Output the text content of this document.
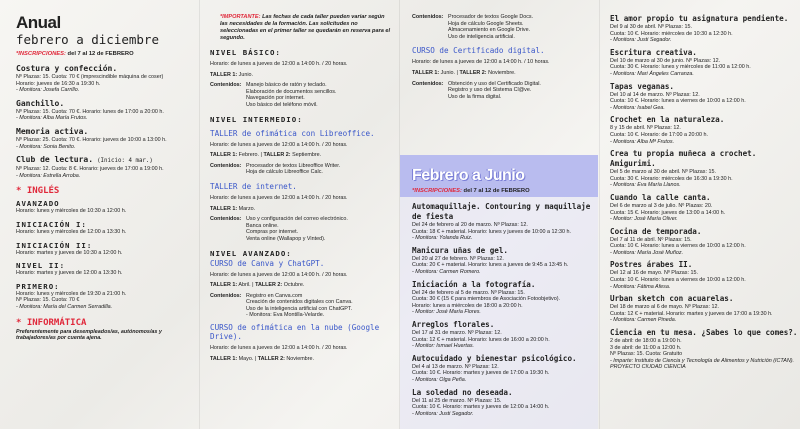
Anual

febrero a diciembre

*INSCRIPCIONES: del 7 al 12 de FEBRERO

Costura y confección.

Nº Plazas: 15. Cuota: 70 € (imprescindible máquina de coser)

Horario: jueves de 16:30 a 19:30 h.

- Monitora: Josefa Carrillo.

Ganchillo.

Nº Plazas: 15. Cuota: 70 €. Horario: lunes de 17:00 a 20:00 h.

- Monitora: Alba María Frutos.

Memoria activa.

Nº Plazas: 25. Cuota: 70 €. Horario: jueves de 10:00 a 13:00 h.

- Monitora: Sonia Benito.

Club de lectura. (Inicio: 4 mar.)

Nº Plazas: 12. Cuota: 8 €. Horario: jueves de 17:00 a 19:00 h.

- Monitora: Estrella Arroba.

* INGLÉS

AVANZADO

Horario: lunes y miércoles de 10:30 a 12:00 h.

INICIACIÓN I:

Horario: lunes y miércoles de 12:00 a 13:30 h.

INICIACIÓN II:

Horario: martes y jueves de 10:30 a 12:00 h.

NIVEL II:

Horario: martes y jueves de 12:00 a 13:30 h.

PRIMERO:

Horario: lunes y miércoles de 19:30 a 21:00 h.

Nº Plazas: 15. Cuota: 70 €

- Monitora: María del Carmen Serradilla.

* INFORMÁTICA

Preferentemente para desempleados/as, autónomos/as y trabajadores/as por cuenta ajena.

*IMPORTANTE: Las fechas de cada taller pueden variar según las necesidades de la formación. Las solicitudes no seleccionadas en el primer taller se quedarán en reserva para el segundo.

NIVEL BÁSICO:

Horario: de lunes a jueves de 12:00 a 14:00 h. / 20 horas.

TALLER 1: Junio.

Contenidos: Manejo básico de ratón y teclado.

Elaboración de documentos sencillos.

Navegación por internet.

Uso básico del teléfono móvil.

NIVEL INTERMEDIO:

TALLER de ofimática con Libreoffice.

Horario: de lunes a jueves de 12:00 a 14:00 h. / 20 horas.

TALLER 1: Febrero. | TALLER 2: Septiembre.

Contenidos: Procesador de textos Libreoffice Writer.

Hoja de cálculo Libreoffice Calc.

TALLER de internet.

Horario: de lunes a jueves de 12:00 a 14:00 h. / 20 horas.

TALLER 1: Marzo.

Contenidos: Uso y configuración del correo electrónico.

Banca online.

Compras por internet.

Venta online (Wallapop y Vinted).

NIVEL AVANZADO:

CURSO de Canva y ChatGPT.

Horario: de lunes a jueves de 12:00 a 14:00 h. / 20 horas.

TALLER 1: Abril. | TALLER 2: Octubre.

Contenidos: Registro en Canva.com

Creación de contenidos digitales con Canva.

Uso de la inteligencia artificial con ChatGPT.

- Monitora: Eva Montilla-Velarde.

CURSO de ofimática en la nube (Google Drive).

Horario: de lunes a jueves de 12:00 a 14:00 h. / 20 horas.

TALLER 1: Mayo. | TALLER 2: Noviembre.

Contenidos: Procesador de textos Google Docs.

Hoja de cálculo Google Sheets.

Almacenamiento en Google Drive.

Uso de inteligencia artificial.

CURSO de Certificado digital.

Horario: de lunes a jueves de 12:00 a 14:00 h. / 10 horas.

TALLER 1: Junio. | TALLER 2: Noviembre.

Contenidos: Obtención y uso del Certificado Digital.

Registro y uso del Sistema Cl@ve.

Uso de la firma digital.

Febrero a Junio

*INSCRIPCIONES: del 7 al 12 de FEBRERO

Automaquillaje. Contouring y maquillaje de fiesta

Del 24 de febrero al 20 de marzo. Nº Plazas: 12.

Cuota: 18 € + material. Horario: lunes y jueves de 10:00 a 12:30 h.

- Monitora: Yolanda Ruiz.

Manicura uñas de gel.

Del 20 al 27 de febrero. Nº Plazas: 12.

Cuota: 20 € + material. Horario: lunes a jueves de 9:45 a 13:45 h.

- Monitora: Carmen Romero.

Iniciación a la fotografía.

Del 24 de febrero al 5 de marzo. Nº Plazas: 15.

Cuota: 30 € (15 € para miembros de Asociación Fotoobjetivo).

Horario: lunes a miércoles de 18:00 a 20:00 h.

- Monitor: José María Flores.

Arreglos florales.

Del 17 al 31 de marzo. Nº Plazas: 12.

Cuota: 12 € + material. Horario: lunes de 16:00 a 20:00 h.

- Monitor: Ismael Huertas.

Autocuidado y bienestar psicológico.

Del 4 al 13 de marzo. Nº Plazas: 12.

Cuota: 10 €. Horario: martes y jueves de 17:00 a 19:30 h.

- Monitora: Olga Peña.

La soledad no deseada.

Del 11 al 25 de marzo. Nº Plazas: 15.

Cuota: 10 €. Horario: martes y jueves de 12:00 a 14:00 h.

- Monitora: Justi Segador.

El amor propio tu asignatura pendiente.

Del 9 al 30 de abril. Nº Plazas: 15.

Cuota: 10 €. Horario: miércoles de 10:30 a 12:30 h.

- Monitora: Justi Segador.

Escritura creativa.

Del 10 de marzo al 30 de junio. Nº Plazas: 12.

Cuota: 30 €. Horario: lunes y miércoles de 11:00 a 12:00 h.

- Monitora: Mari Ángeles Carranza.

Tapas veganas.

Del 10 al 14 de marzo. Nº Plazas: 12.

Cuota: 10 €. Horario: lunes a viernes de 10:00 a 12:00 h.

- Monitora: Isabel Gea.

Crochet en la naturaleza.

8 y 15 de abril. Nº Plazas: 12.

Cuota: 10 €. Horario: de 17:00 a 20:00 h.

- Monitora: Alba Mª Frutos.

Crea tu propia muñeca a crochet. Amigurimi.

Del 5 de marzo al 30 de abril. Nº Plazas: 15.

Cuota: 30 €. Horario: miércoles de 16:30 a 19:30 h.

- Monitora: Eva María Llanos.

Cuando la calle canta.

Del 6 de marzo al 3 de julio. Nº Plazas: 20.

Cuota: 15 €. Horario: jueves de 13:00 a 14:00 h.

- Monitor: José María Oliver.

Cocina de temporada.

Del 7 al 11 de abril. Nº Plazas: 15.

Cuota: 10 €. Horario: lunes a viernes de 10:00 a 12:00 h.

- Monitora: María José Muñoz.

Postres árabes II.

Del 12 al 16 de mayo. Nº Plazas: 15.

Cuota: 10 €. Horario: lunes a viernes de 10:00 a 12:00 h.

- Monitora: Fátima Afesa.

Urban sketch con acuarelas.

Del 18 de marzo al 6 de mayo. Nº Plazas: 12.

Cuota: 12 € + material. Horario: martes y jueves de 17:00 a 19:30 h.

- Monitora: Carmen Pineda.

Ciencia en tu mesa. ¿Sabes lo que comes?.

2 de abril: de 18:00 a 19:00 h.

3 de abril: de 11:00 a 12:00 h.

Nº Plazas: 15. Cuota: Gratuito

- Imparte: Instituto de Ciencia y Tecnología de Alimentos y Nutrición (ICTAN). PROYECTO CIUDAD CIENCIA
